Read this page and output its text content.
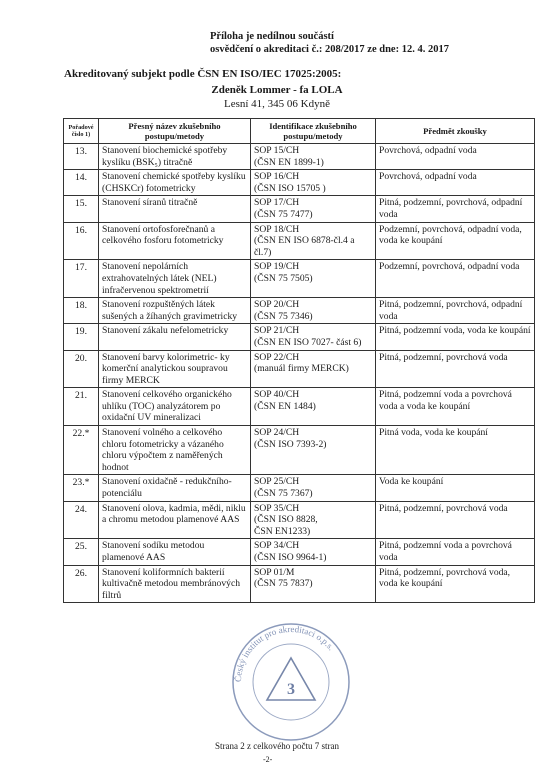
Příloha je nedílnou součástí
osvědčení o akreditaci č.: 208/2017 ze dne: 12. 4. 2017
Akreditovaný subjekt podle ČSN EN ISO/IEC 17025:2005:
Zdeněk Lommer - fa LOLA
Lesní 41, 345 06 Kdyně
Pořadové číslo 1)	Přesný název zkušebního postupu/metody	Identifikace zkušebního postupu/metody	Předmět zkoušky
13.	Stanovení biochemické spotřeby kyslíku (BSK₅) titračně	SOP 15/CH
(ČSN EN 1899-1)	Povrchová, odpadní voda
14.	Stanovení chemické spotřeby kyslíku (CHSKCr) fotometricky	SOP 16/CH
(ČSN ISO 15705 )	Povrchová, odpadní voda
15.	Stanovení síranů titračně	SOP 17/CH
(ČSN 75 7477)	Pitná, podzemní, povrchová, odpadní voda
16.	Stanovení ortofosforečnanů a celkového fosforu fotometricky	SOP 18/CH
(ČSN EN ISO 6878-čl.4 a čl.7)	Podzemní, povrchová, odpadní voda, voda ke koupání
17.	Stanovení nepolárních extrahovatelných látek (NEL) infračervenou spektrometrií	SOP 19/CH
(ČSN 75 7505)	Podzemní, povrchová, odpadní voda
18.	Stanovení rozpuštěných látek sušených a žíhaných gravimetricky	SOP 20/CH
(ČSN 75 7346)	Pitná, podzemní, povrchová, odpadní voda
19.	Stanovení zákalu nefelometricky	SOP 21/CH
(ČSN EN ISO 7027- část 6)	Pitná, podzemní voda, voda ke koupání
20.	Stanovení barvy kolorimetric- ky komerční analytickou soupravou firmy MERCK	SOP 22/CH
(manuál firmy MERCK)	Pitná, podzemní, povrchová voda
21.	Stanovení celkového organického uhlíku (TOC) analyzátorem po oxidační UV mineralizaci	SOP 40/CH
(ČSN EN 1484)	Pitná, podzemní voda a povrchová voda a voda ke koupání
22.*	Stanovení volného a celkového chloru fotometricky a vázaného chloru výpočtem z naměřených hodnot	SOP 24/CH
(ČSN ISO 7393-2)	Pitná voda, voda ke koupání
23.*	Stanovení oxidačně - redukčního-potenciálu	SOP 25/CH
(ČSN 75 7367)	Voda ke koupání
24.	Stanovení olova, kadmia, mědi, niklu a chromu metodou plamenové AAS	SOP 35/CH
(ČSN ISO 8828,
ČSN EN1233)	Pitná, podzemní, povrchová voda
25.	Stanovení sodíku metodou plamenové AAS	SOP 34/CH
(ČSN ISO 9964-1)	Pitná, podzemní voda a povrchová voda
26.	Stanovení koliformních bakterií kultivačně metodou membránových filtrů	SOP 01/M
(ČSN 75 7837)	Pitná, podzemní, povrchová voda, voda ke koupání
Český institut pro akreditaci o.p.s.
3
Strana 2 z celkového počtu 7 stran
-2-
